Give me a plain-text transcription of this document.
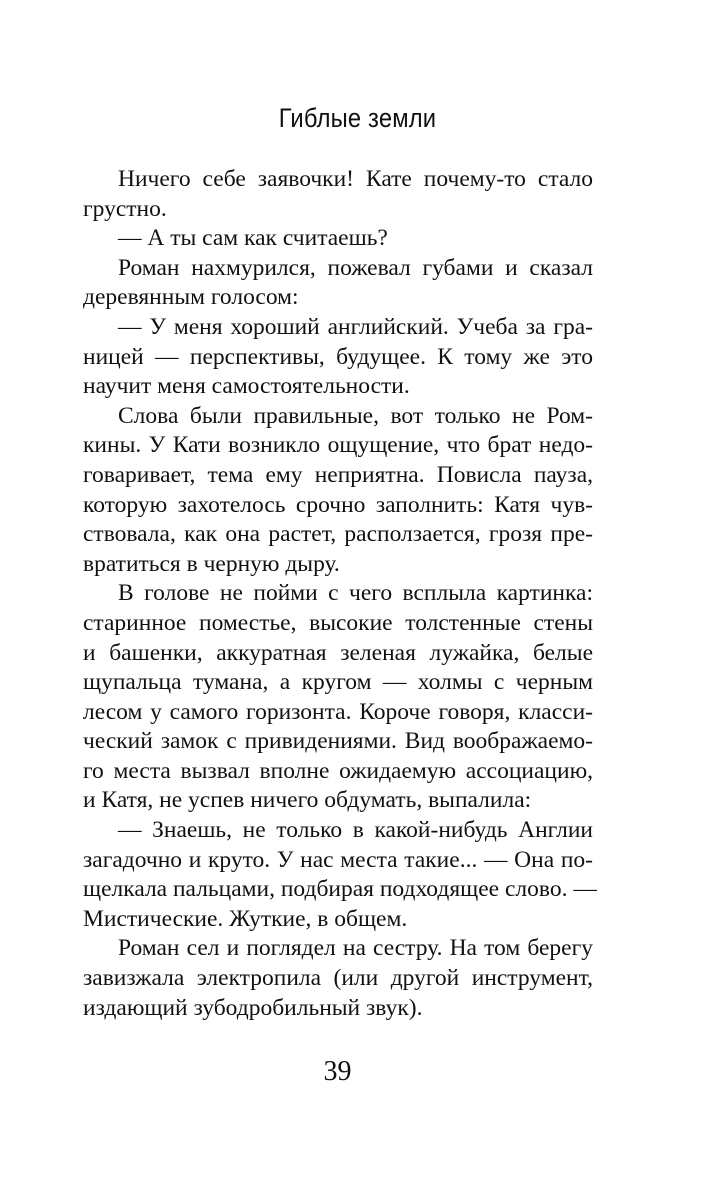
Гиблые земли
Ничего себе заявочки! Кате почему-то стало
грустно.
— А ты сам как считаешь?
Роман нахмурился, пожевал губами и сказал
деревянным голосом:
— У меня хороший английский. Учеба за гра-
ницей — перспективы, будущее. К тому же это
научит меня самостоятельности.
Слова были правильные, вот только не Ром-
кины. У Кати возникло ощущение, что брат недо-
говаривает, тема ему неприятна. Повисла пауза,
которую захотелось срочно заполнить: Катя чув-
ствовала, как она растет, расползается, грозя пре-
вратиться в черную дыру.
В голове не пойми с чего всплыла картинка:
старинное поместье, высокие толстенные стены
и башенки, аккуратная зеленая лужайка, белые
щупальца тумана, а кругом — холмы с черным
лесом у самого горизонта. Короче говоря, класси-
ческий замок с привидениями. Вид воображаемо-
го места вызвал вполне ожидаемую ассоциацию,
и Катя, не успев ничего обдумать, выпалила:
— Знаешь, не только в какой-нибудь Англии
загадочно и круто. У нас места такие... — Она по-
щелкала пальцами, подбирая подходящее слово. —
Мистические. Жуткие, в общем.
Роман сел и поглядел на сестру. На том берегу
завизжала электропила (или другой инструмент,
издающий зубодробильный звук).
39
